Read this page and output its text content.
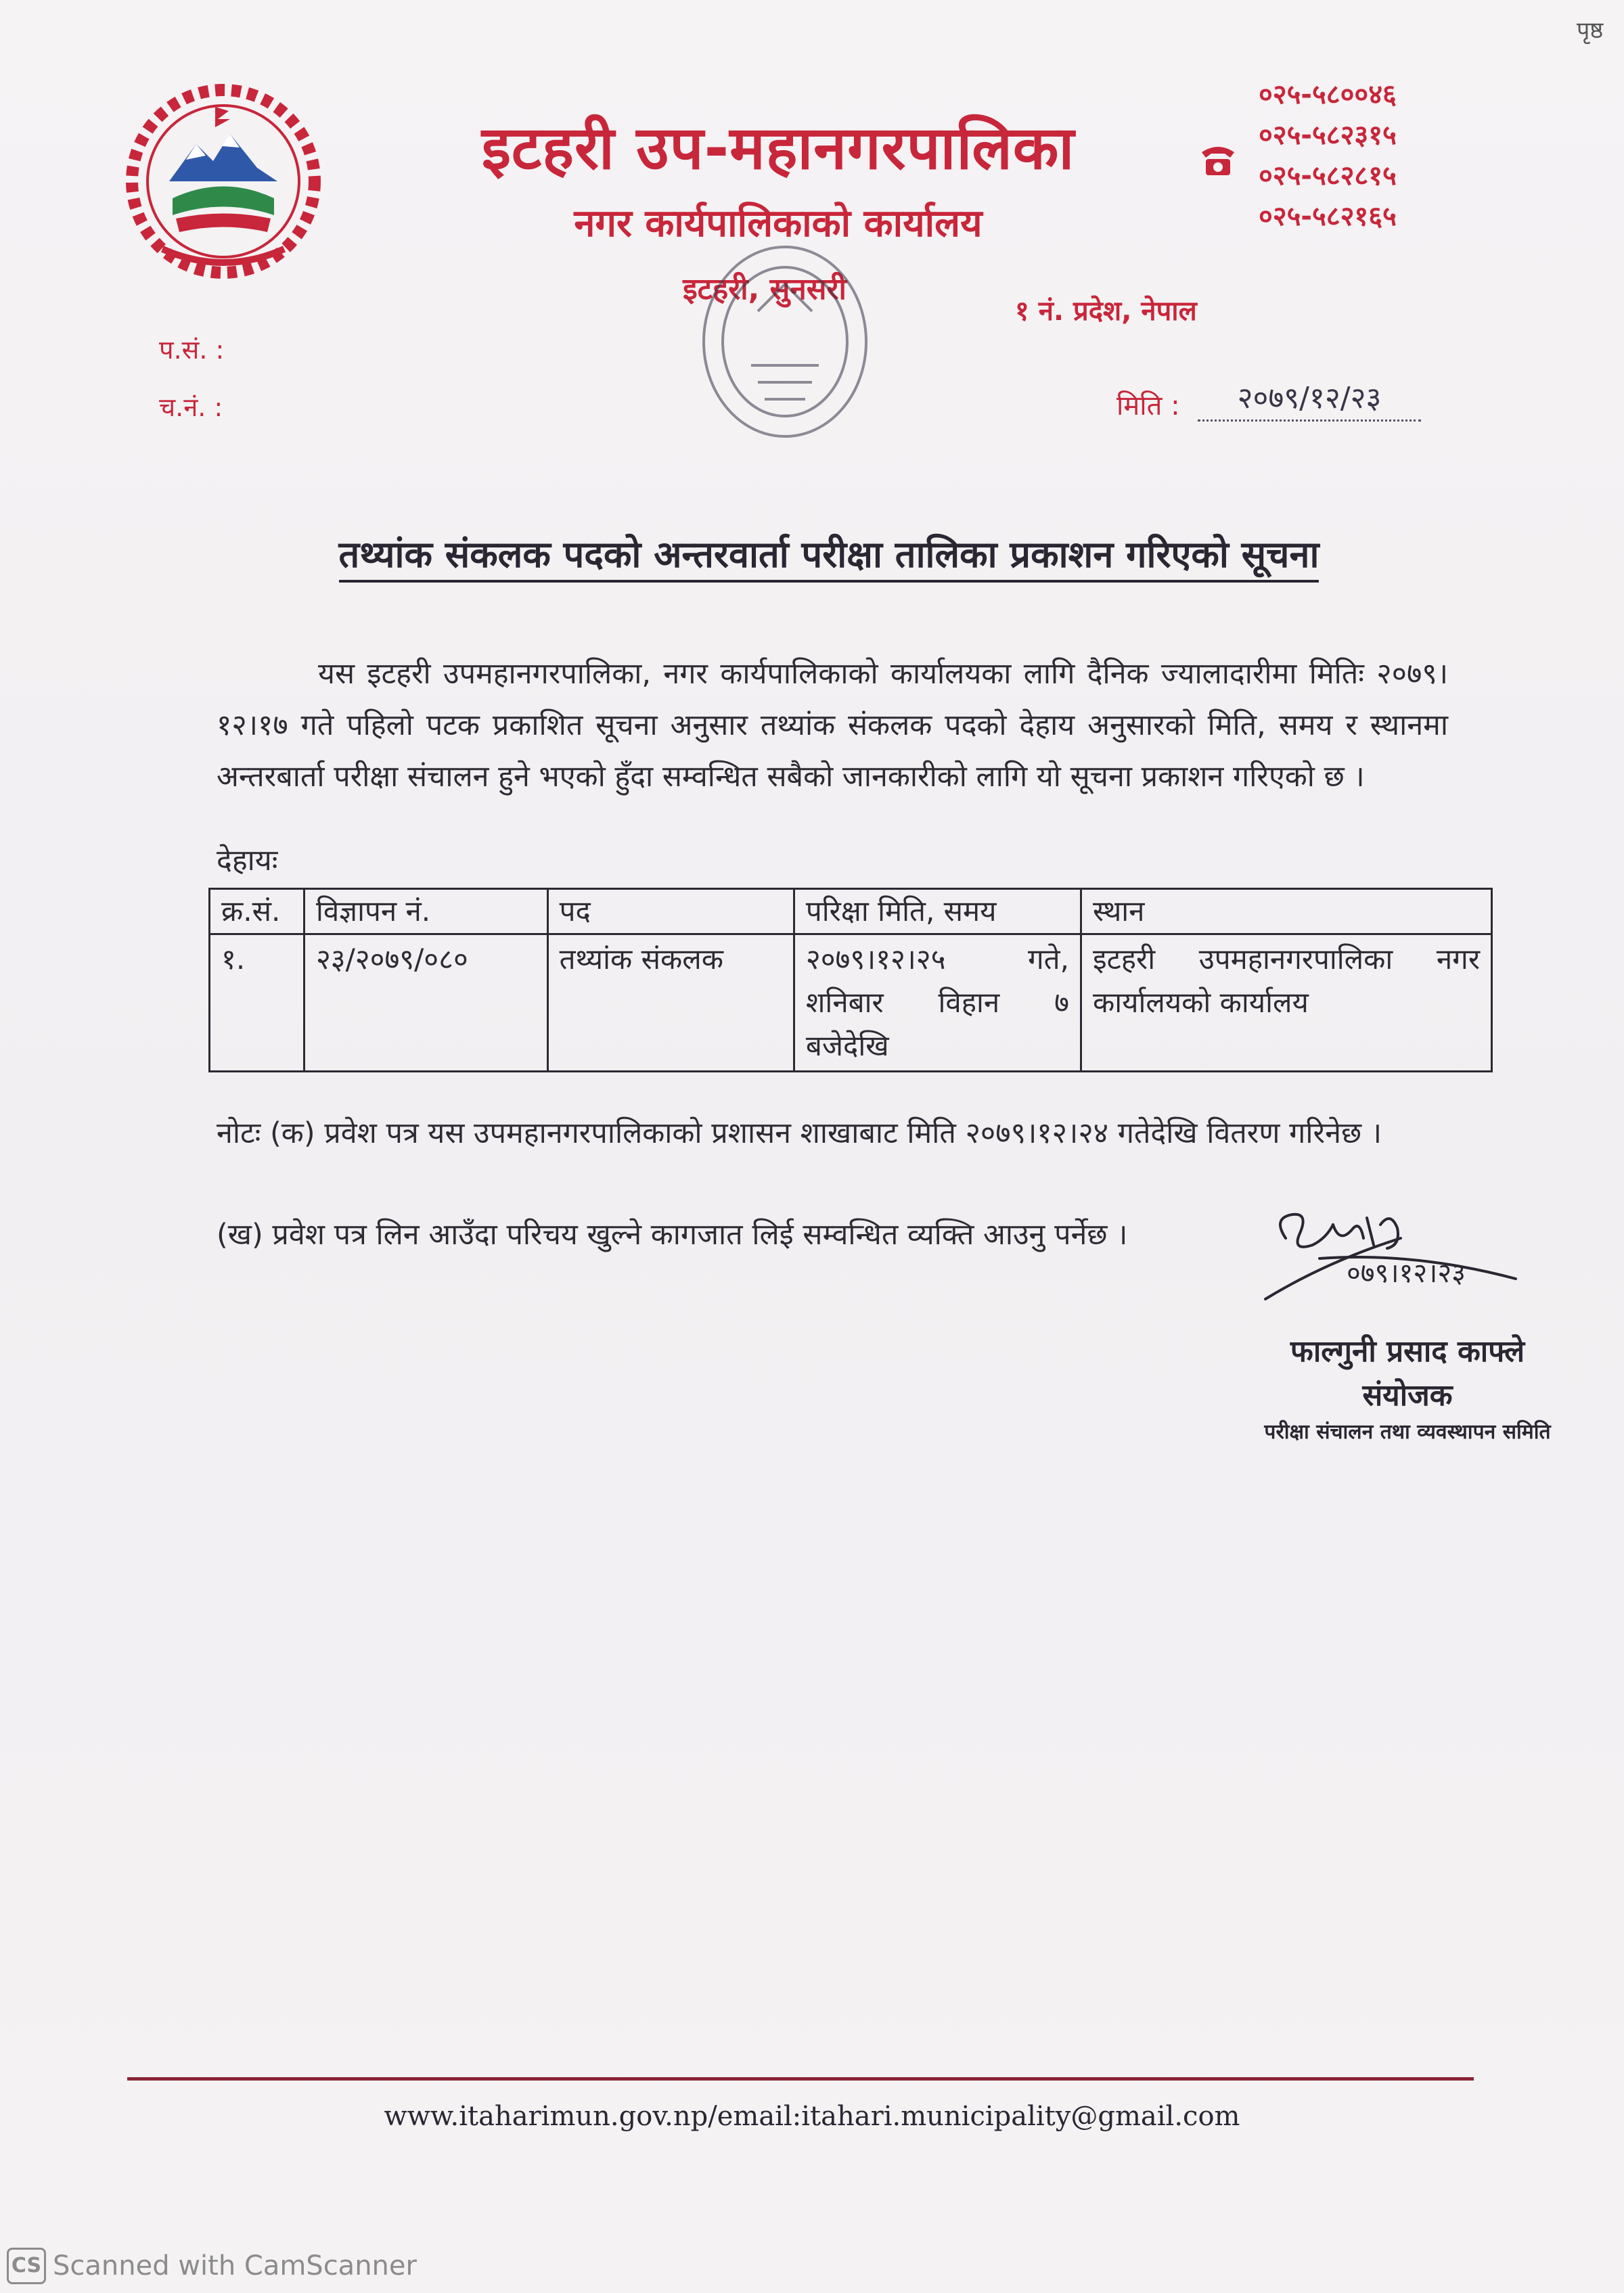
इटहरी उप-महानगरपालिका
नगर कार्यपालिकाको कार्यालय
इटहरी, सुनसरी
०२५-५८००४६
०२५-५८२३१५
०२५-५८२८१५
०२५-५८२१६५
१ नं. प्रदेश, नेपाल
प.सं. :
च.नं. :	मिति :	२०७९/१२/२३
तथ्यांक संकलक पदको अन्तरवार्ता परीक्षा तालिका प्रकाशन गरिएको सूचना
यस इटहरी उपमहानगरपालिका, नगर कार्यपालिकाको कार्यालयका लागि दैनिक ज्यालादारीमा मितिः २०७९।१२।१७ गते पहिलो पटक प्रकाशित सूचना अनुसार तथ्यांक संकलक पदको देहाय अनुसारको मिति, समय र स्थानमा अन्तरबार्ता परीक्षा संचालन हुने भएको हुँदा सम्वन्धित सबैको जानकारीको लागि यो सूचना प्रकाशन गरिएको छ ।
देहायः
क्र.सं.	विज्ञापन नं.	पद	परिक्षा मिति, समय	स्थान
१.	२३/२०७९/०८०	तथ्यांक संकलक	२०७९।१२।२५ गते, शनिबार विहान ७ बजेदेखि	इटहरी उपमहानगरपालिका नगर कार्यालयको कार्यालय
नोटः (क) प्रवेश पत्र यस उपमहानगरपालिकाको प्रशासन शाखाबाट मिति २०७९।१२।२४ गतेदेखि वितरण गरिनेछ ।
(ख) प्रवेश पत्र लिन आउँदा परिचय खुल्ने कागजात लिई सम्वन्धित व्यक्ति आउनु पर्नेछ ।
०७९।१२।२३
फाल्गुनी प्रसाद काफ्ले
संयोजक
परीक्षा संचालन तथा व्यवस्थापन समिति
www.itaharimun.gov.np/email:itahari.municipality@gmail.com
CS Scanned with CamScanner
पृष्ठ
